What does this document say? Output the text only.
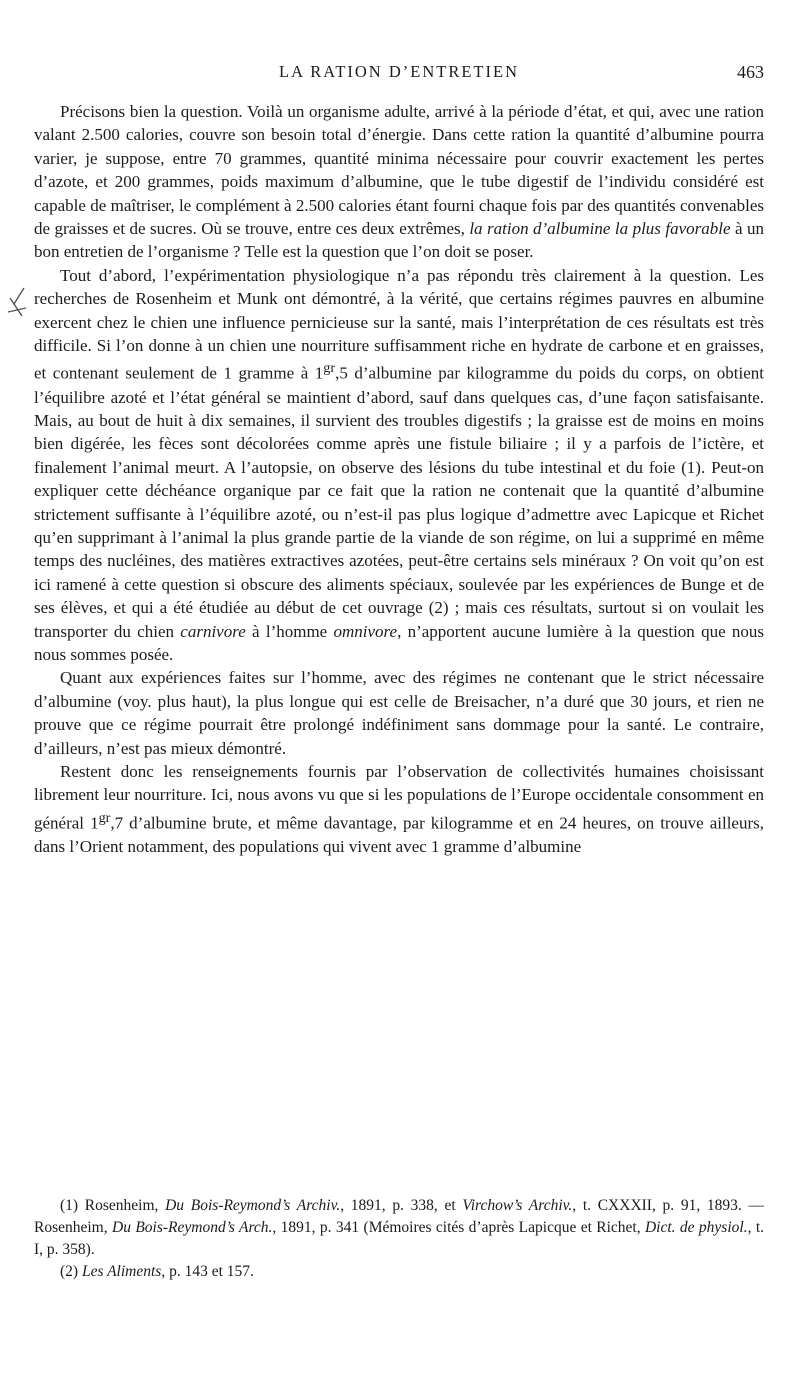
LA RATION D’ENTRETIEN	463

Précisons bien la question. Voilà un organisme adulte, arrivé à la période d’état, et qui, avec une ration valant 2.500 calories, couvre son besoin total d’énergie. Dans cette ration la quantité d’albumine pourra varier, je suppose, entre 70 grammes, quantité minima nécessaire pour couvrir exactement les pertes d’azote, et 200 grammes, poids maximum d’albumine, que le tube digestif de l’individu considéré est capable de maîtriser, le complément à 2.500 calories étant fourni chaque fois par des quantités convenables de graisses et de sucres. Où se trouve, entre ces deux extrêmes, la ration d’albumine la plus favorable à un bon entretien de l’organisme ? Telle est la question que l’on doit se poser.

Tout d’abord, l’expérimentation physiologique n’a pas répondu très clairement à la question. Les recherches de Rosenheim et Munk ont démontré, à la vérité, que certains régimes pauvres en albumine exercent chez le chien une influence pernicieuse sur la santé, mais l’interprétation de ces résultats est très difficile. Si l’on donne à un chien une nourriture suffisamment riche en hydrate de carbone et en graisses, et contenant seulement de 1 gramme à $1^{gr},5$ d’albumine par kilogramme du poids du corps, on obtient l’équilibre azoté et l’état général se maintient d’abord, sauf dans quelques cas, d’une façon satisfaisante. Mais, au bout de huit à dix semaines, il survient des troubles digestifs ; la graisse est de moins en moins bien digérée, les fèces sont décolorées comme après une fistule biliaire ; il y a parfois de l’ictère, et finalement l’animal meurt. A l’autopsie, on observe des lésions du tube intestinal et du foie (1). Peut-on expliquer cette déchéance organique par ce fait que la ration ne contenait que la quantité d’albumine strictement suffisante à l’équilibre azoté, ou n’est-il pas plus logique d’admettre avec Lapicque et Richet qu’en supprimant à l’animal la plus grande partie de la viande de son régime, on lui a supprimé en même temps des nucléines, des matières extractives azotées, peut-être certains sels minéraux ? On voit qu’on est ici ramené à cette question si obscure des aliments spéciaux, soulevée par les expériences de Bunge et de ses élèves, et qui a été étudiée au début de cet ouvrage (2) ; mais ces résultats, surtout si on voulait les transporter du chien carnivore à l’homme omnivore, n’apportent aucune lumière à la question que nous nous sommes posée.

Quant aux expériences faites sur l’homme, avec des régimes ne contenant que le strict nécessaire d’albumine (voy. plus haut), la plus longue qui est celle de Breisacher, n’a duré que 30 jours, et rien ne prouve que ce régime pourrait être prolongé indéfiniment sans dommage pour la santé. Le contraire, d’ailleurs, n’est pas mieux démontré.

Restent donc les renseignements fournis par l’observation de collectivités humaines choisissant librement leur nourriture. Ici, nous avons vu que si les populations de l’Europe occidentale consomment en général $1^{gr},7$ d’albumine brute, et même davantage, par kilogramme et en 24 heures, on trouve ailleurs, dans l’Orient notamment, des populations qui vivent avec 1 gramme d’albumine

(1) Rosenheim, Du Bois-Reymond’s Archiv., 1891, p. 338, et Virchow’s Archiv., t. CXXXII, p. 91, 1893. — Rosenheim, Du Bois-Reymond’s Arch., 1891, p. 341 (Mémoires cités d’après Lapicque et Richet, Dict. de physiol., t. I, p. 358).

(2) Les Aliments, p. 143 et 157.
